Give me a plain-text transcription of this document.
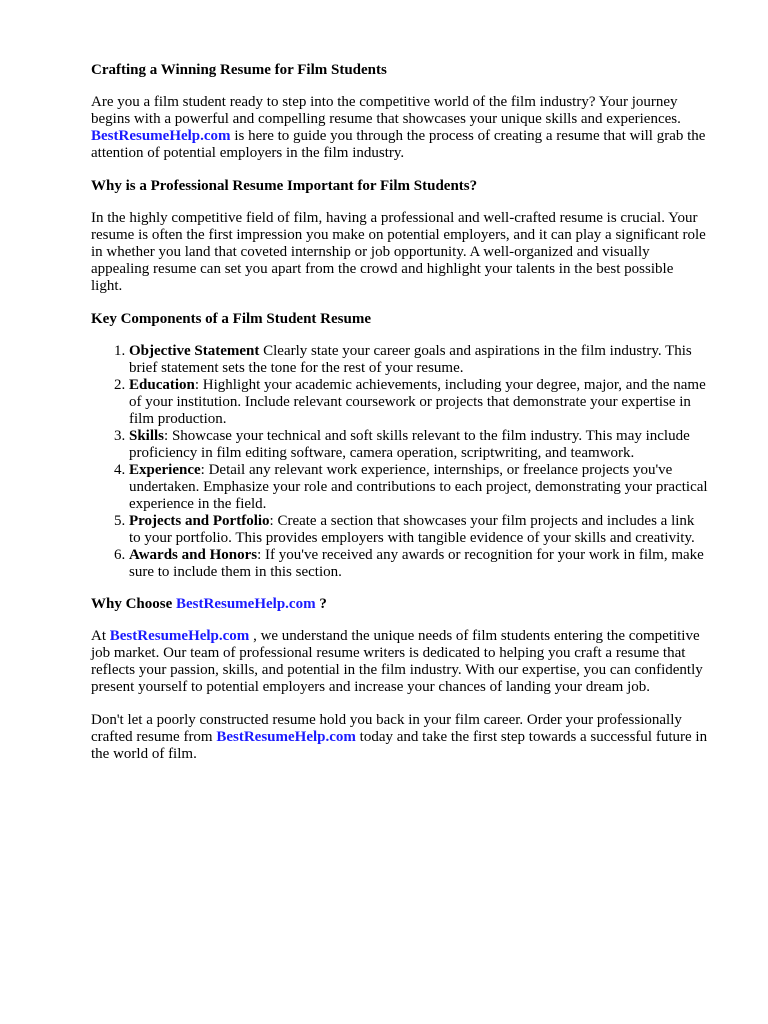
Crafting a Winning Resume for Film Students

Are you a film student ready to step into the competitive world of the film industry? Your journey begins with a powerful and compelling resume that showcases your unique skills and experiences.
BestResumeHelp.com is here to guide you through the process of creating a resume that will grab the attention of potential employers in the film industry.

Why is a Professional Resume Important for Film Students?

In the highly competitive field of film, having a professional and well-crafted resume is crucial. Your resume is often the first impression you make on potential employers, and it can play a significant role in whether you land that coveted internship or job opportunity. A well-organized and visually appealing resume can set you apart from the crowd and highlight your talents in the best possible light.

Key Components of a Film Student Resume
1. Objective Statement Clearly state your career goals and aspirations in the film industry. This brief statement sets the tone for the rest of your resume.
2. Education: Highlight your academic achievements, including your degree, major, and the name of your institution. Include relevant coursework or projects that demonstrate your expertise in film production.
3. Skills: Showcase your technical and soft skills relevant to the film industry. This may include proficiency in film editing software, camera operation, scriptwriting, and teamwork.
4. Experience: Detail any relevant work experience, internships, or freelance projects you've undertaken. Emphasize your role and contributions to each project, demonstrating your practical experience in the field.
5. Projects and Portfolio: Create a section that showcases your film projects and includes a link to your portfolio. This provides employers with tangible evidence of your skills and creativity.
6. Awards and Honors: If you've received any awards or recognition for your work in film, make sure to include them in this section.
Why Choose BestResumeHelp.com ?

At BestResumeHelp.com , we understand the unique needs of film students entering the competitive job market. Our team of professional resume writers is dedicated to helping you craft a resume that reflects your passion, skills, and potential in the film industry. With our expertise, you can confidently present yourself to potential employers and increase your chances of landing your dream job.

Don't let a poorly constructed resume hold you back in your film career. Order your professionally crafted resume from BestResumeHelp.com today and take the first step towards a successful future in the world of film.
